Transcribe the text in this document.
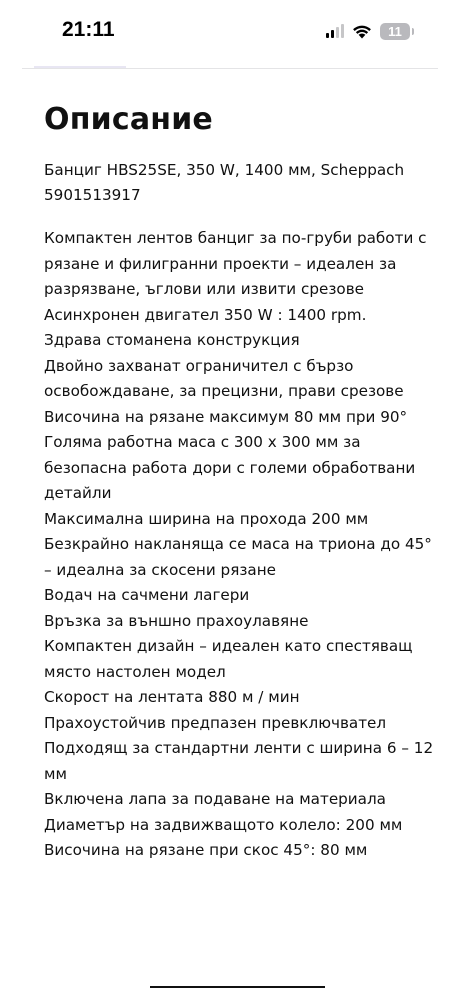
21:11	11
Описание
Банциг HBS25SE, 350 W, 1400 мм, Scheppach 5901513917

Компактен лентов банциг за по-груби работи с рязане и филигранни проекти – идеален за разрязване, ъглови или извити срезове

Асинхронен двигател 350 W : 1400 rpm.

Здрава стоманена конструкция

Двойно захванат ограничител с бързо освобождаване, за прецизни, прави срезове

Височина на рязане максимум 80 мм при 90°

Голяма работна маса с 300 x 300 мм за безопасна работа дори с големи обработвани детайли

Максимална ширина на прохода 200 мм

Безкрайно накланяща се маса на триона до 45° – идеална за скосени рязане

Водач на сачмени лагери

Връзка за външно прахоулавяне

Компактен дизайн – идеален като спестяващ място настолен модел

Скорост на лентата 880 м / мин

Прахоустойчив предпазен превключвател

Подходящ за стандартни ленти с ширина 6 – 12 мм

Включена лапа за подаване на материала

Диаметър на задвижващото колело: 200 мм

Височина на рязане при скос 45°: 80 мм
